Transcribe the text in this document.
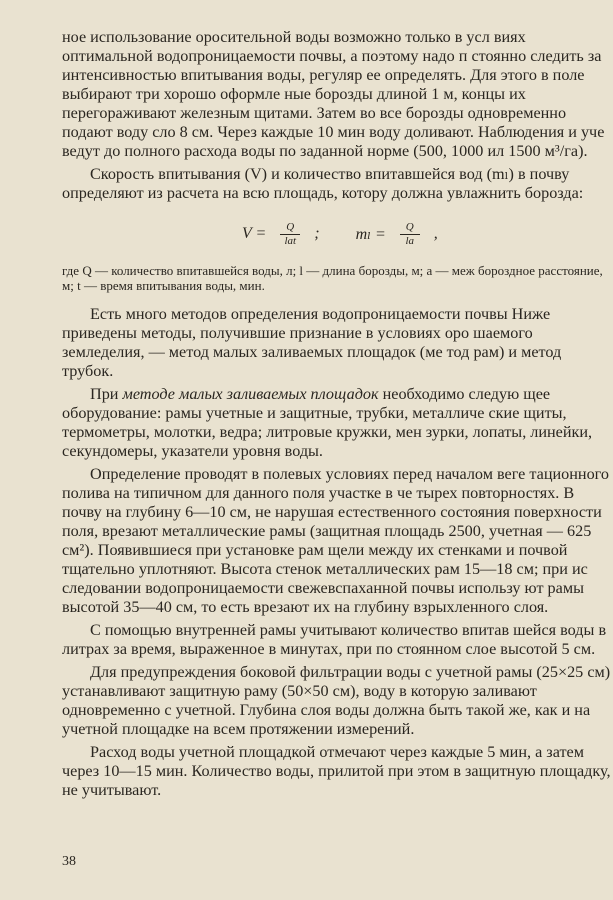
ное использование оросительной воды возможно только в усл виях оптимальной водопроницаемости почвы, а поэтому надо п стоянно следить за интенсивностью впитывания воды, регуляр ее определять. Для этого в поле выбирают три хорошо оформле ные борозды длиной 1 м, концы их перегораживают железным щитами. Затем во все борозды одновременно подают воду сло 8 см. Через каждые 10 мин воду доливают. Наблюдения и уче ведут до полного расхода воды по заданной норме (500, 1000 ил 1500 м³/га).

Скорость впитывания (V) и количество впитавшейся вод (mₗ) в почву определяют из расчета на всю площадь, котору должна увлажнить борозда:

$V = \frac{Q}{\text{lat}}$ ; $m_l = \frac{Q}{la}$ ,

где Q — количество впитавшейся воды, л; l — длина борозды, м; a — меж бороздное расстояние, м; t — время впитывания воды, мин.

Есть много методов определения водопроницаемости почвы Ниже приведены методы, получившие признание в условиях оро шаемого земледелия, — метод малых заливаемых площадок (ме тод рам) и метод трубок.

При методе малых заливаемых площадок необходимо следую щее оборудование: рамы учетные и защитные, трубки, металличе ские щиты, термометры, молотки, ведра; литровые кружки, мен зурки, лопаты, линейки, секундомеры, указатели уровня воды.

Определение проводят в полевых условиях перед началом веге тационного полива на типичном для данного поля участке в че тырех повторностях. В почву на глубину 6—10 см, не нарушая естественного состояния поверхности поля, врезают металлические рамы (защитная площадь 2500, учетная — 625 см²). Появившиеся при установке рам щели между их стенками и почвой тщательно уплотняют. Высота стенок металлических рам 15—18 см; при ис следовании водопроницаемости свежевспаханной почвы использу ют рамы высотой 35—40 см, то есть врезают их на глубину взрыхленного слоя.

С помощью внутренней рамы учитывают количество впитав шейся воды в литрах за время, выраженное в минутах, при по стоянном слое высотой 5 см.

Для предупреждения боковой фильтрации воды с учетной рамы (25×25 см) устанавливают защитную раму (50×50 см), воду в которую заливают одновременно с учетной. Глубина слоя воды должна быть такой же, как и на учетной площадке на всем протяжении измерений.

Расход воды учетной площадкой отмечают через каждые 5 мин, а затем через 10—15 мин. Количество воды, прилитой при этом в защитную площадку, не учитывают.

38
